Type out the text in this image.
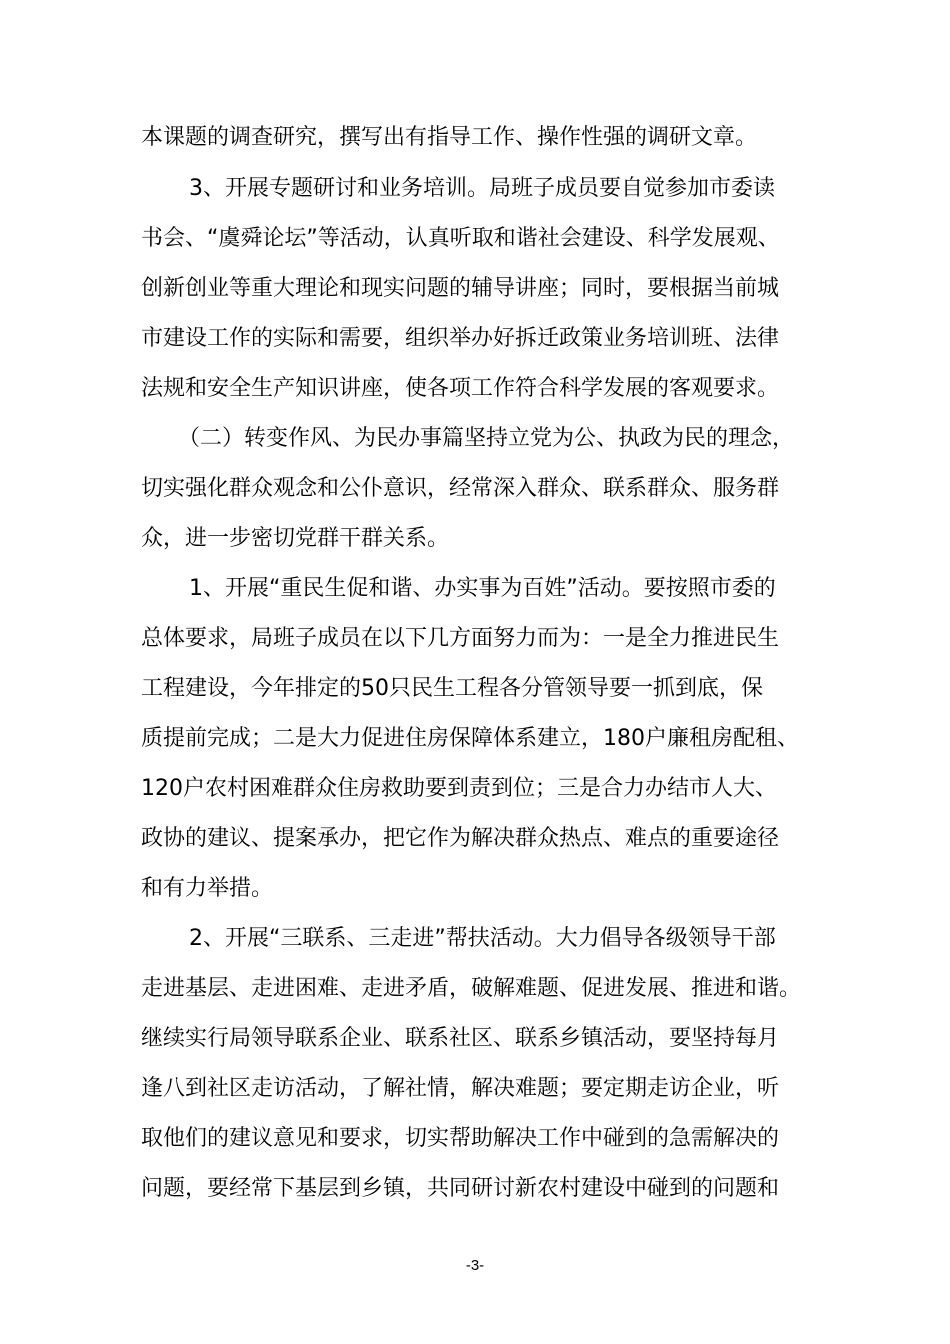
本课题的调查研究，撰写出有指导工作、操作性强的调研文章。
3、开展专题研讨和业务培训。局班子成员要自觉参加市委读
书会、“虞舜论坛”等活动，认真听取和谐社会建设、科学发展观、
创新创业等重大理论和现实问题的辅导讲座；同时，要根据当前城
市建设工作的实际和需要，组织举办好拆迁政策业务培训班、法律
法规和安全生产知识讲座，使各项工作符合科学发展的客观要求。
（二）转变作风、为民办事篇坚持立党为公、执政为民的理念，
切实强化群众观念和公仆意识，经常深入群众、联系群众、服务群
众，进一步密切党群干群关系。
1、开展“重民生促和谐、办实事为百姓”活动。要按照市委的
总体要求，局班子成员在以下几方面努力而为：一是全力推进民生
工程建设，今年排定的50只民生工程各分管领导要一抓到底，保
质提前完成；二是大力促进住房保障体系建立，180户廉租房配租、
120户农村困难群众住房救助要到责到位；三是合力办结市人大、
政协的建议、提案承办，把它作为解决群众热点、难点的重要途径
和有力举措。
2、开展“三联系、三走进”帮扶活动。大力倡导各级领导干部
走进基层、走进困难、走进矛盾，破解难题、促进发展、推进和谐。
继续实行局领导联系企业、联系社区、联系乡镇活动，要坚持每月
逢八到社区走访活动，了解社情，解决难题；要定期走访企业，听
取他们的建议意见和要求，切实帮助解决工作中碰到的急需解决的
问题，要经常下基层到乡镇，共同研讨新农村建设中碰到的问题和
-3-
